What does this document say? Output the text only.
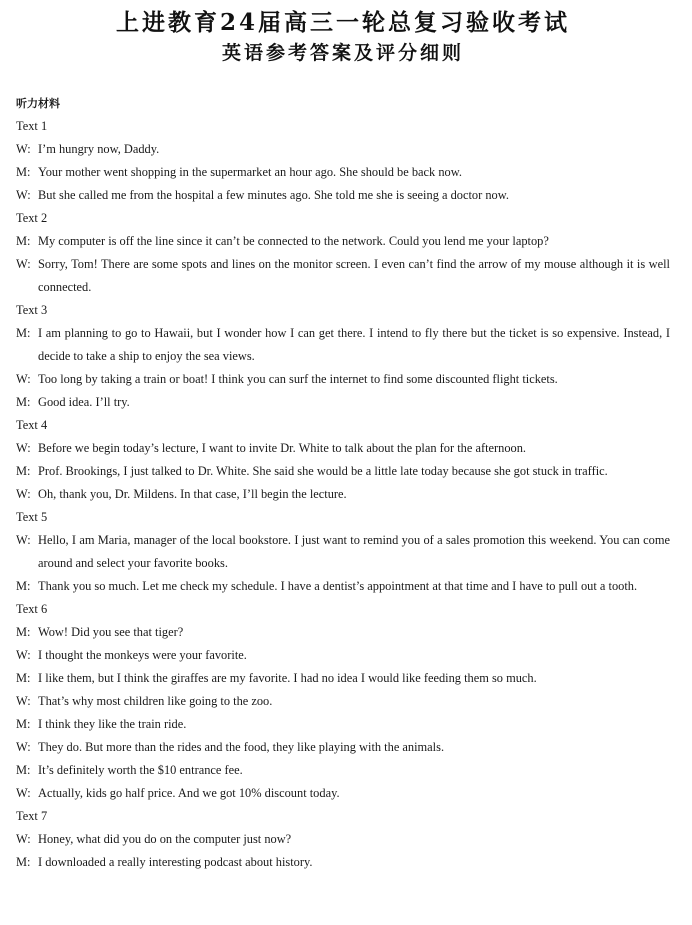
上进教育24届高三一轮总复习验收考试
英语参考答案及评分细则
听力材料
Text 1
W: I’m hungry now, Daddy.
M: Your mother went shopping in the supermarket an hour ago. She should be back now.
W: But she called me from the hospital a few minutes ago. She told me she is seeing a doctor now.
Text 2
M: My computer is off the line since it can’t be connected to the network. Could you lend me your laptop?
W: Sorry, Tom! There are some spots and lines on the monitor screen. I even can’t find the arrow of my mouse although it is well connected.
Text 3
M: I am planning to go to Hawaii, but I wonder how I can get there. I intend to fly there but the ticket is so expensive. Instead, I decide to take a ship to enjoy the sea views.
W: Too long by taking a train or boat! I think you can surf the internet to find some discounted flight tickets.
M: Good idea. I’ll try.
Text 4
W: Before we begin today’s lecture, I want to invite Dr. White to talk about the plan for the afternoon.
M: Prof. Brookings, I just talked to Dr. White. She said she would be a little late today because she got stuck in traffic.
W: Oh, thank you, Dr. Mildens. In that case, I’ll begin the lecture.
Text 5
W: Hello, I am Maria, manager of the local bookstore. I just want to remind you of a sales promotion this weekend. You can come around and select your favorite books.
M: Thank you so much. Let me check my schedule. I have a dentist’s appointment at that time and I have to pull out a tooth.
Text 6
M: Wow! Did you see that tiger?
W: I thought the monkeys were your favorite.
M: I like them, but I think the giraffes are my favorite. I had no idea I would like feeding them so much.
W: That’s why most children like going to the zoo.
M: I think they like the train ride.
W: They do. But more than the rides and the food, they like playing with the animals.
M: It’s definitely worth the $10 entrance fee.
W: Actually, kids go half price. And we got 10% discount today.
Text 7
W: Honey, what did you do on the computer just now?
M: I downloaded a really interesting podcast about history.
